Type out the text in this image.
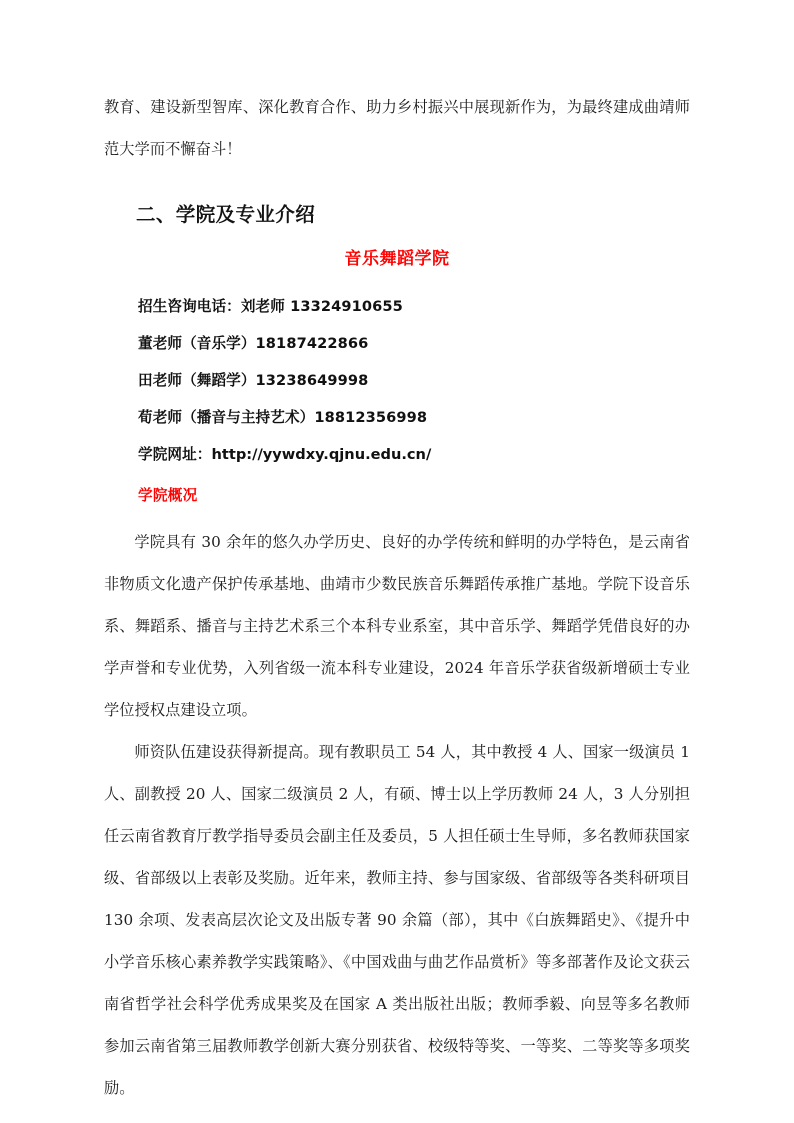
教育、建设新型智库、深化教育合作、助力乡村振兴中展现新作为，为最终建成曲靖师范大学而不懈奋斗！

二、学院及专业介绍

音乐舞蹈学院

招生咨询电话：刘老师 13324910655

董老师（音乐学）18187422866

田老师（舞蹈学）13238649998

荀老师（播音与主持艺术）18812356998

学院网址：http://yywdxy.qjnu.edu.cn/

学院概况

学院具有 30 余年的悠久办学历史、良好的办学传统和鲜明的办学特色，是云南省非物质文化遗产保护传承基地、曲靖市少数民族音乐舞蹈传承推广基地。学院下设音乐系、舞蹈系、播音与主持艺术系三个本科专业系室，其中音乐学、舞蹈学凭借良好的办学声誉和专业优势，入列省级一流本科专业建设，2024 年音乐学获省级新增硕士专业学位授权点建设立项。

师资队伍建设获得新提高。现有教职员工 54 人，其中教授 4 人、国家一级演员 1 人、副教授 20 人、国家二级演员 2 人，有硕、博士以上学历教师 24 人，3 人分别担任云南省教育厅教学指导委员会副主任及委员，5 人担任硕士生导师，多名教师获国家级、省部级以上表彰及奖励。近年来，教师主持、参与国家级、省部级等各类科研项目 130 余项、发表高层次论文及出版专著 90 余篇（部），其中《白族舞蹈史》、《提升中小学音乐核心素养教学实践策略》、《中国戏曲与曲艺作品赏析》等多部著作及论文获云南省哲学社会科学优秀成果奖及在国家 A 类出版社出版；教师季毅、向昱等多名教师参加云南省第三届教师教学创新大赛分别获省、校级特等奖、一等奖、二等奖等多项奖励。
